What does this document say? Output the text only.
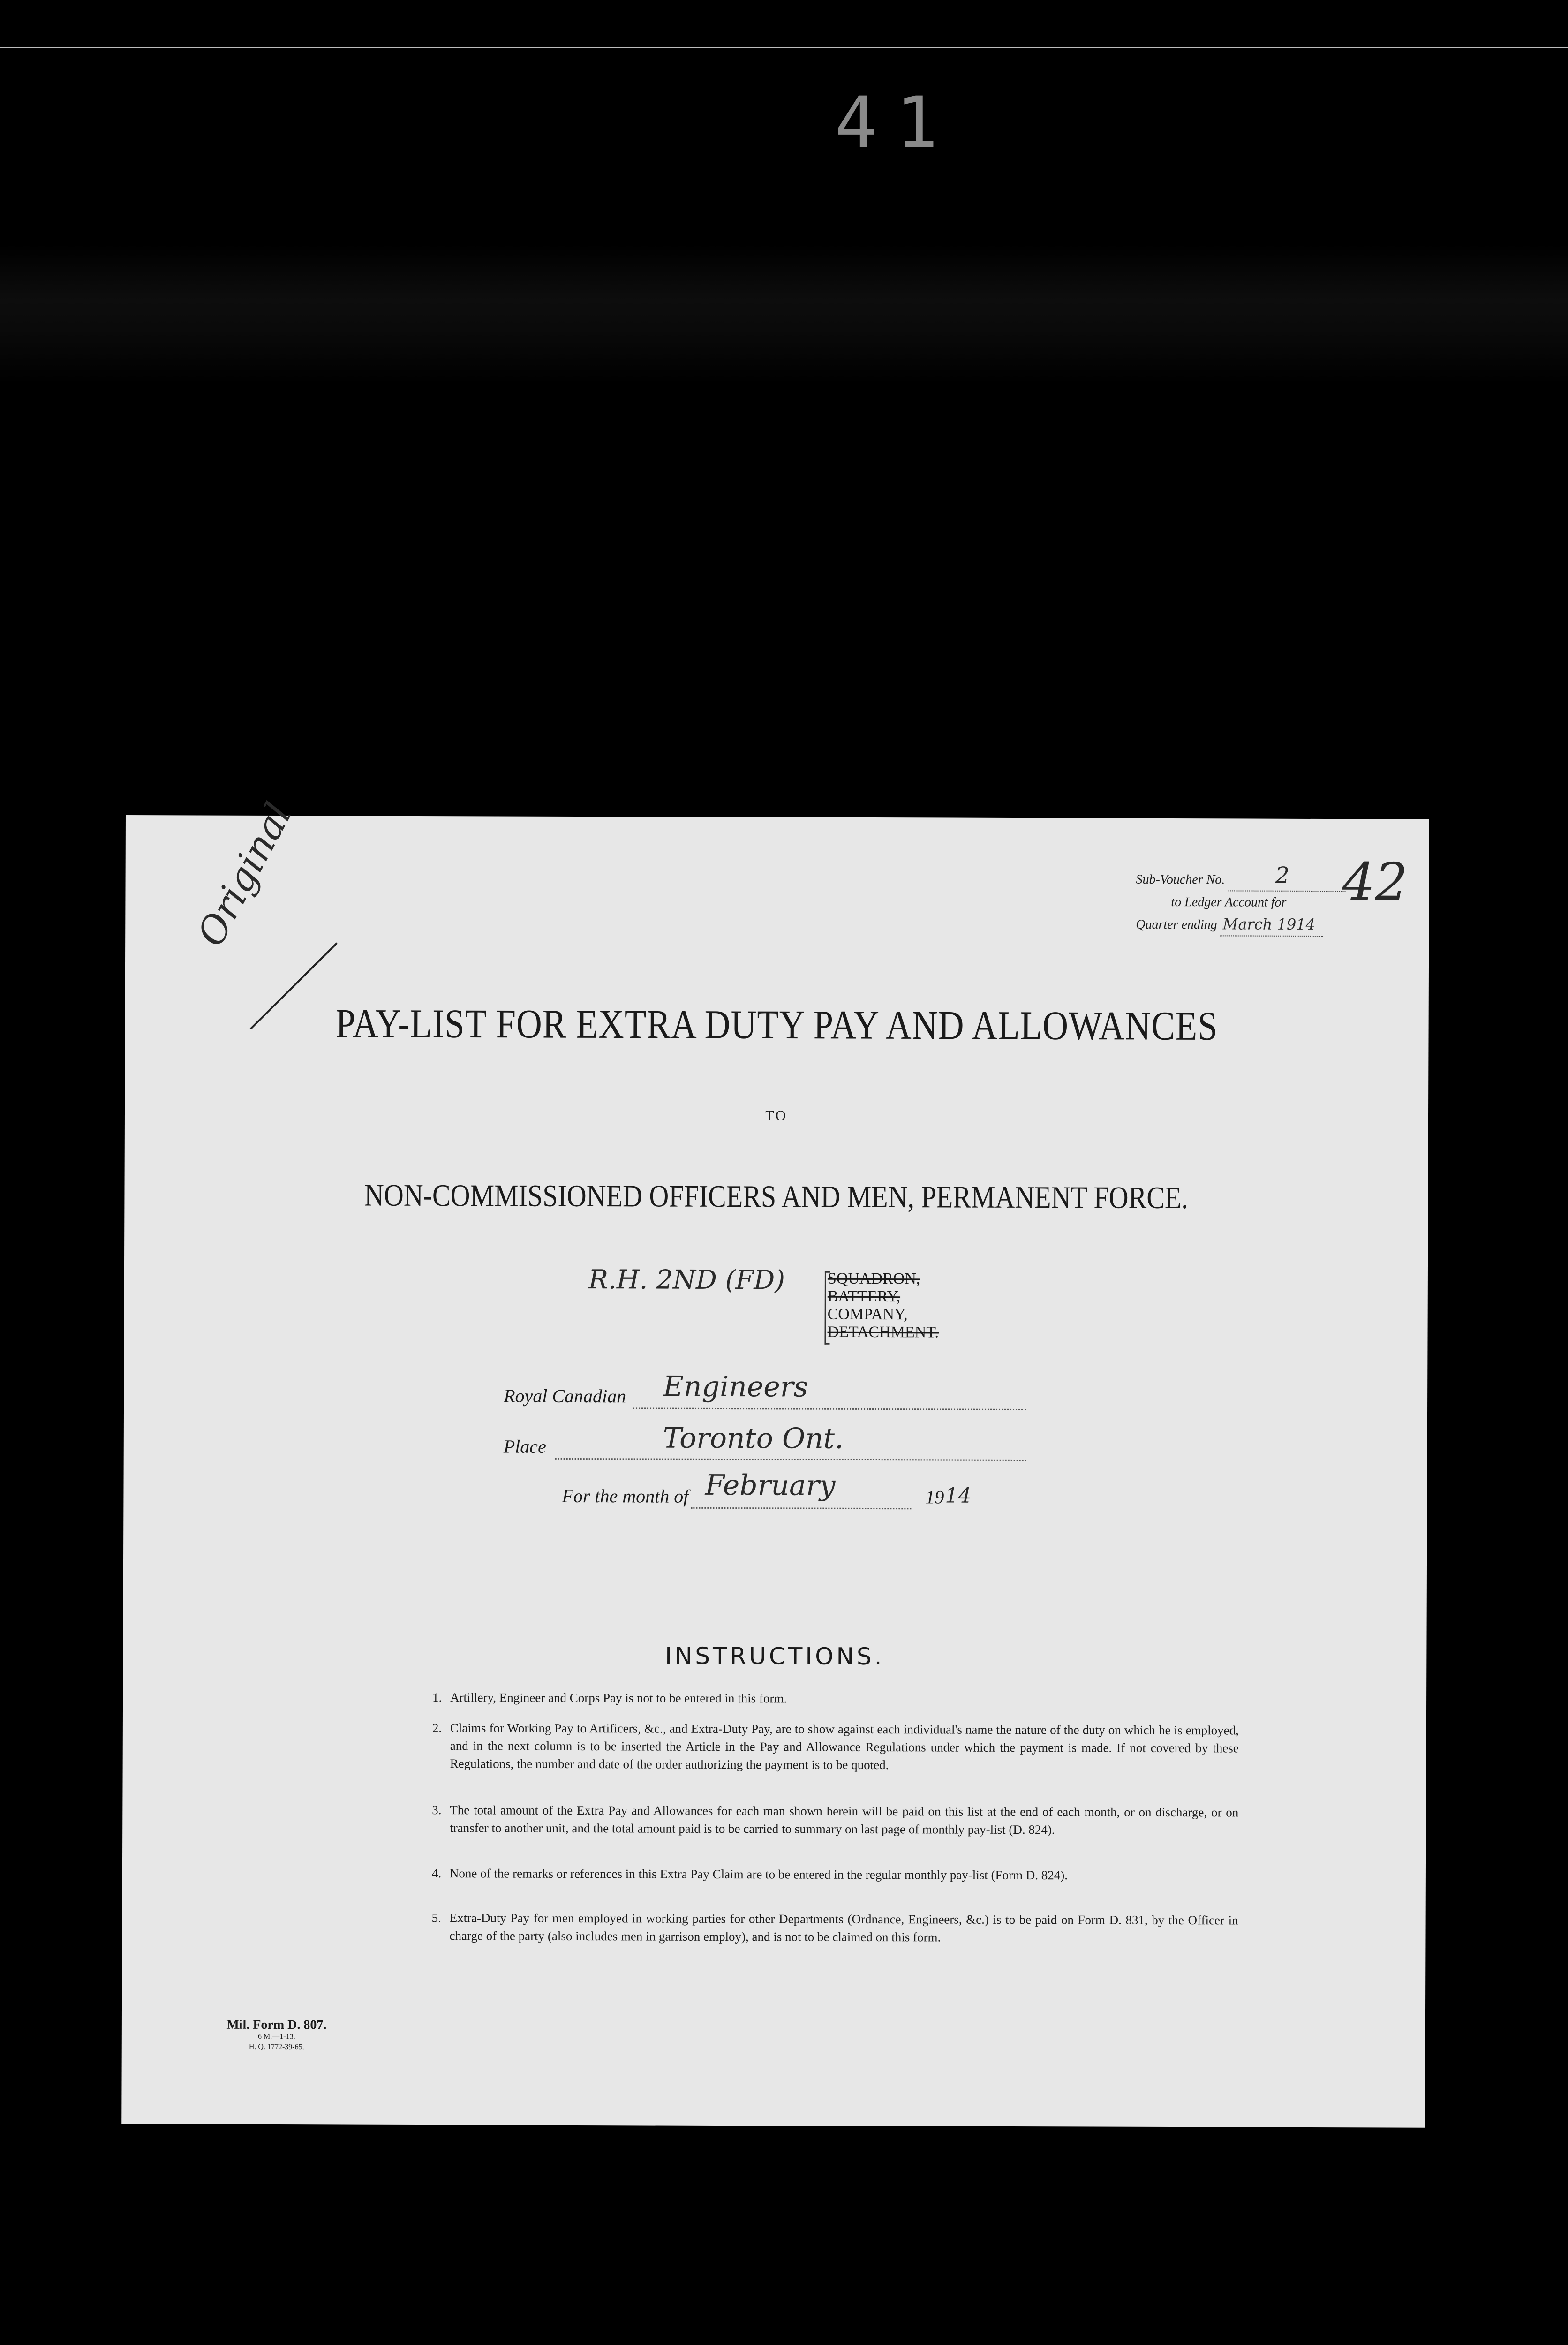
41
Original	42
Sub-Voucher No. 2
to Ledger Account for
Quarter ending March 1914
PAY-LIST FOR EXTRA DUTY PAY AND ALLOWANCES
TO
NON-COMMISSIONED OFFICERS AND MEN, PERMANENT FORCE.
R.H. 2ND (FD)	SQUADRON,
BATTERY,
COMPANY,
DETACHMENT.
Royal Canadian Engineers
Place	Toronto Ont.
For the month of February	19 14
INSTRUCTIONS.
1. Artillery, Engineer and Corps Pay is not to be entered in this form.
2. Claims for Working Pay to Artificers, &c., and Extra-Duty Pay, are to show against each individual's name the nature of the duty on which he is employed, and in the next column is to be inserted the Article in the Pay and Allowance Regulations under which the payment is made. If not covered by these Regulations, the number and date of the order authorizing the payment is to be quoted.
3. The total amount of the Extra Pay and Allowances for each man shown herein will be paid on this list at the end of each month, or on discharge, or on transfer to another unit, and the total amount paid is to be carried to summary on last page of monthly pay-list (D. 824).
4. None of the remarks or references in this Extra Pay Claim are to be entered in the regular monthly pay-list (Form D. 824).
5. Extra-Duty Pay for men employed in working parties for other Departments (Ordnance, Engineers, &c.) is to be paid on Form D. 831, by the Officer in charge of the party (also includes men in garrison employ), and is not to be claimed on this form.
Mil. Form D. 807.
6 M.—1-13.
H. Q. 1772-39-65.
